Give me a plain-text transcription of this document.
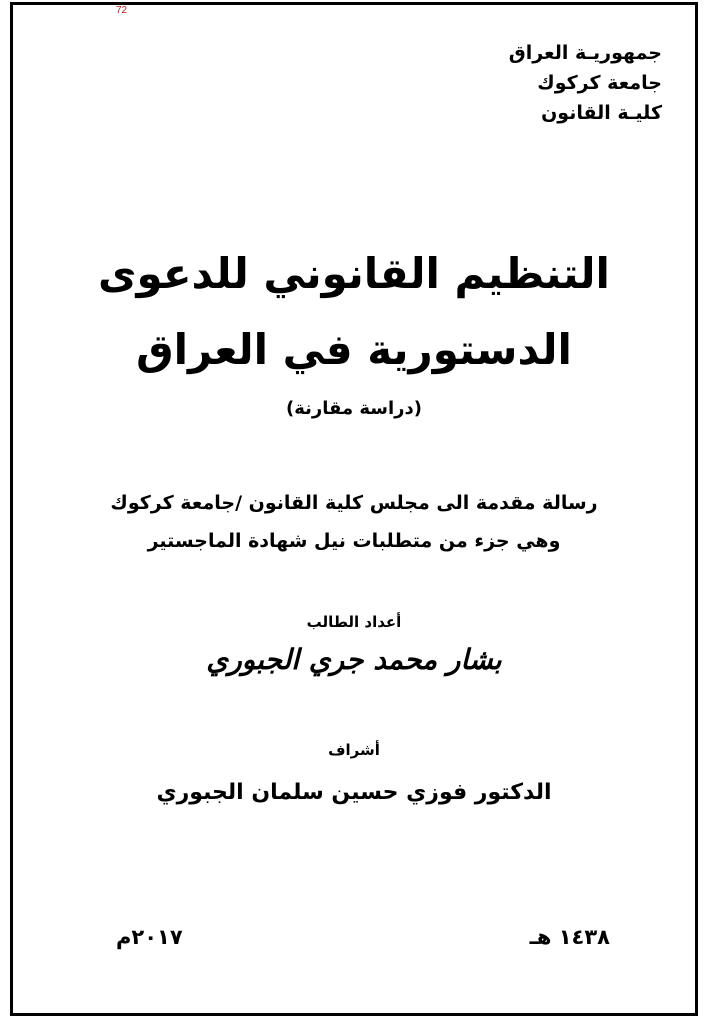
72
جمهوريـة العراق
جامعة كركوك
كليـة القانون
التنظيم القانوني للدعوى
الدستورية في العراق
(دراسة مقارنة)
رسالة مقدمة الى مجلس كلية القانون /جامعة كركوك
وهي جزء من متطلبات نيل شهادة الماجستير
أعداد الطالب
بشار محمد جري الجبوري
أشراف
الدكتور فوزي حسين سلمان الجبوري
١٤٣٨ هـ
٢٠١٧م
